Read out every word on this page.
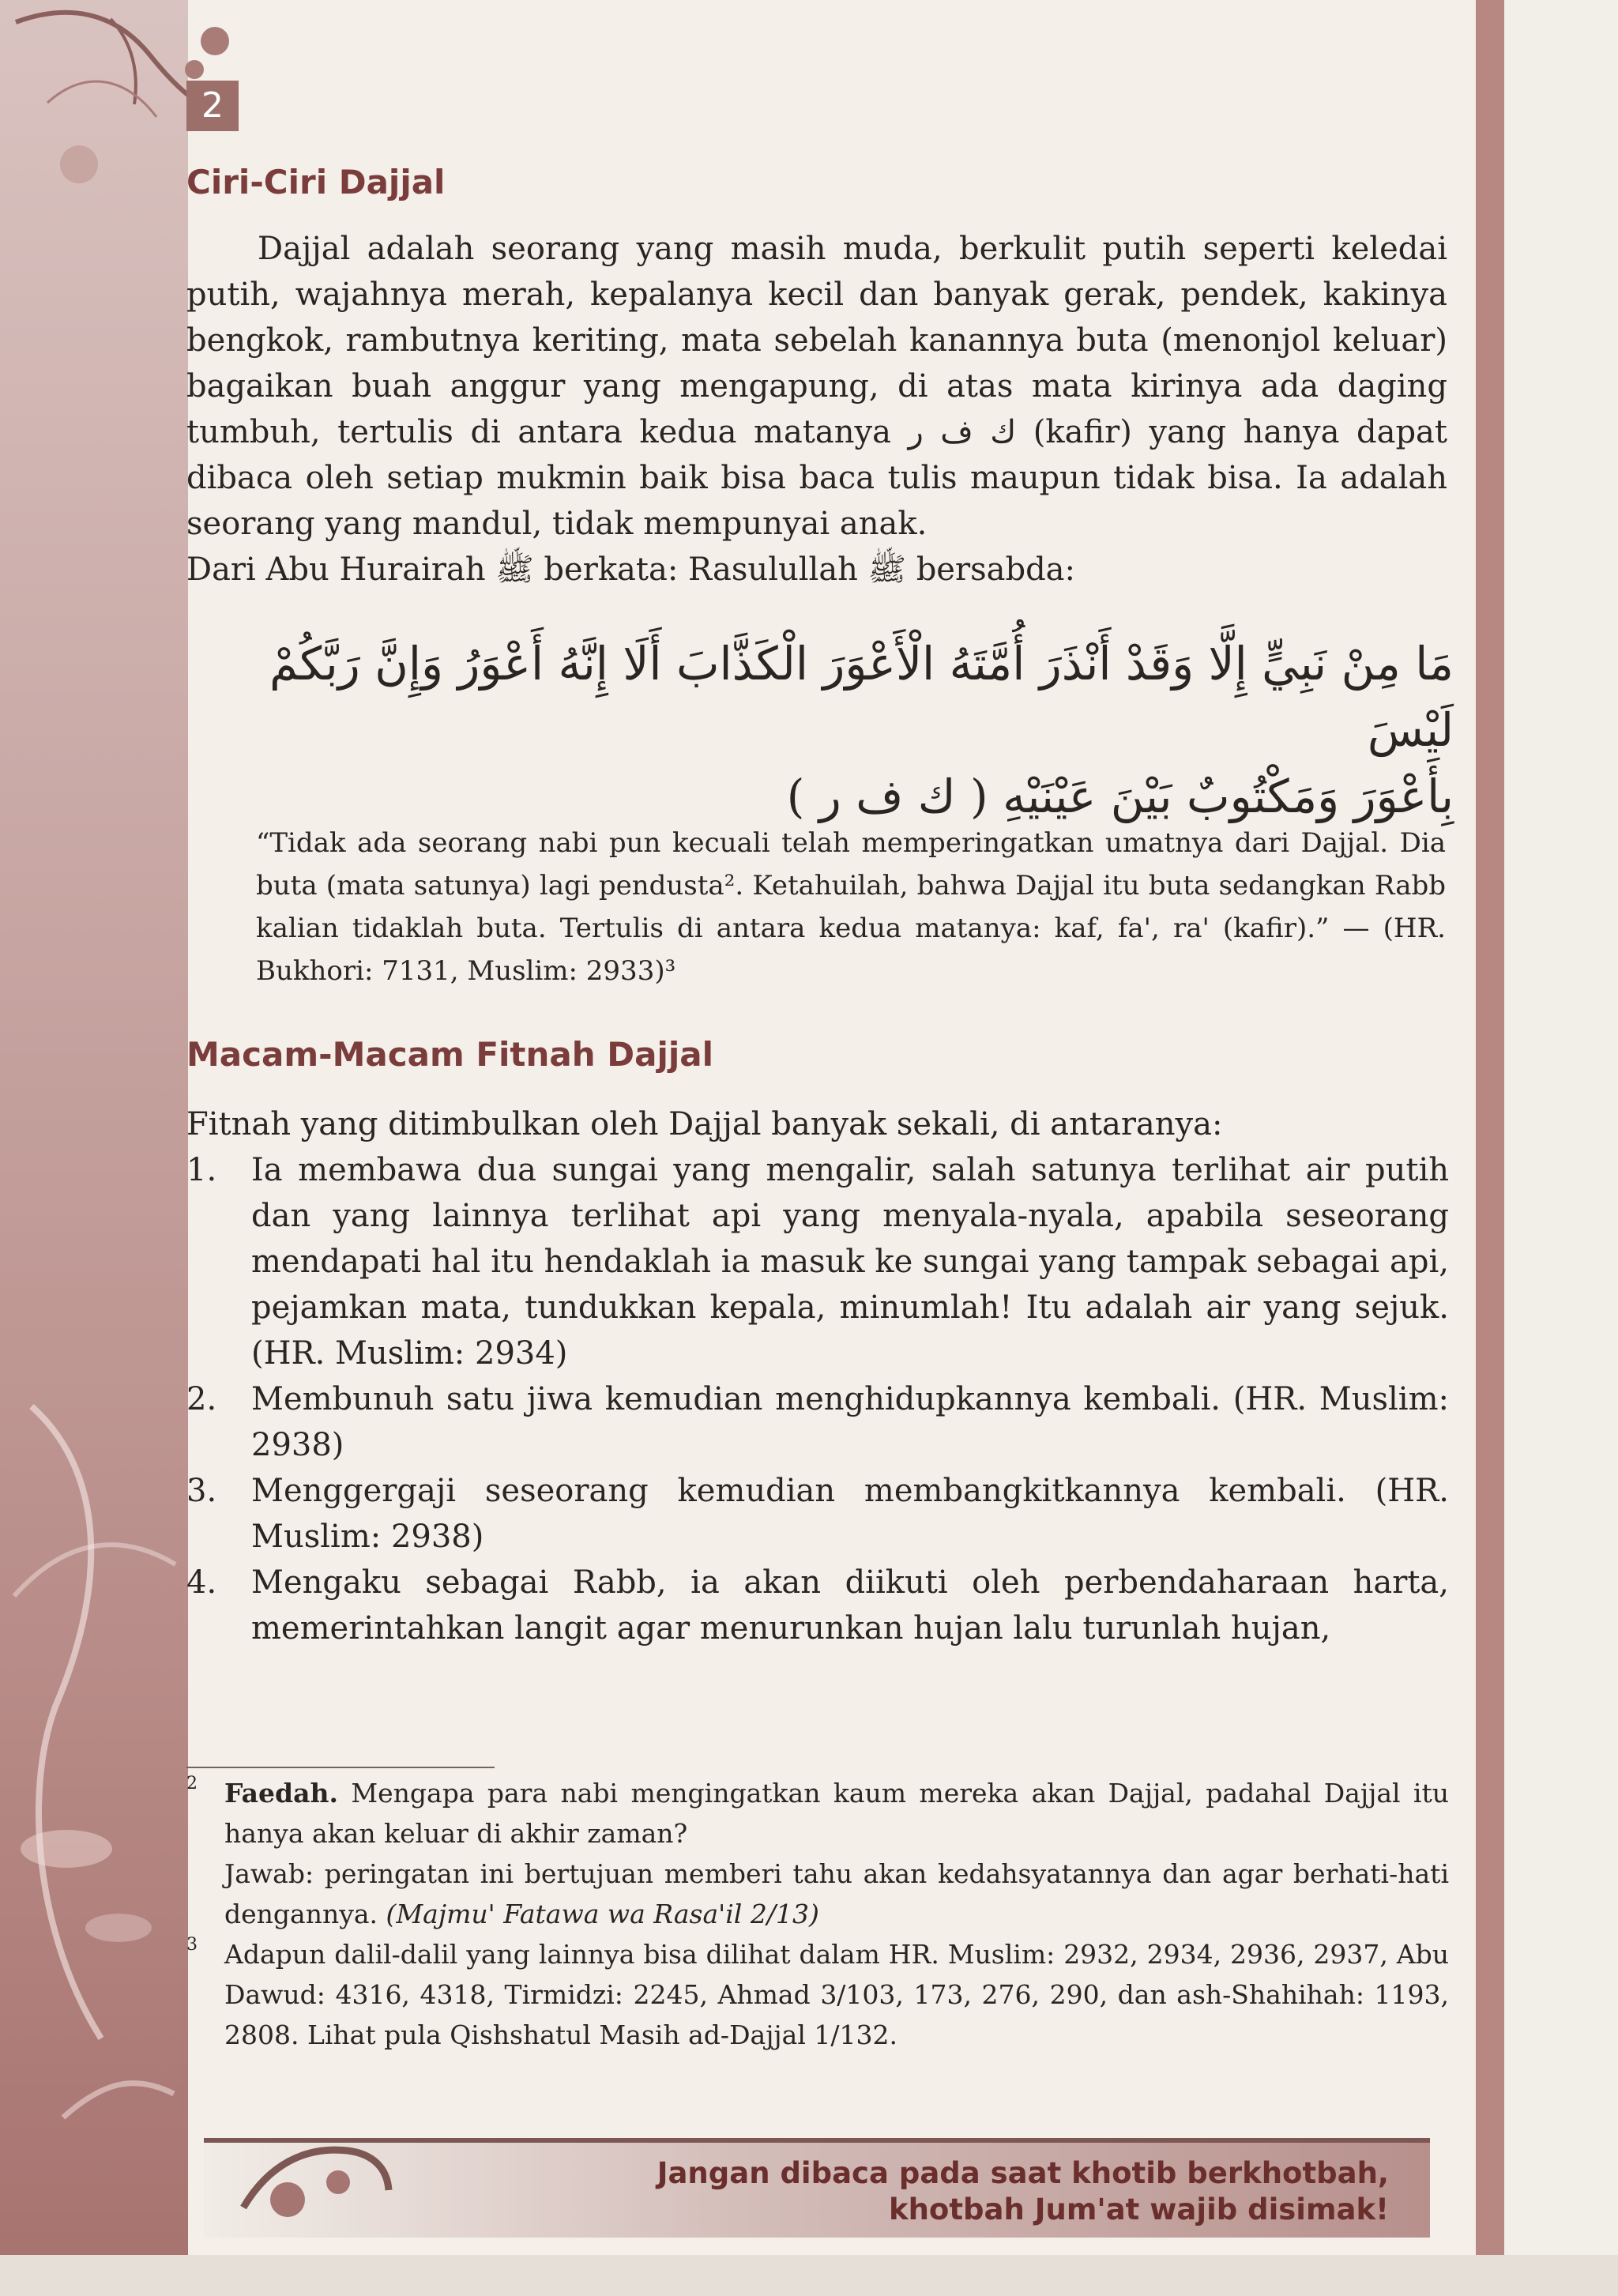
2
Ciri-Ciri Dajjal
Dajjal adalah seorang yang masih muda, berkulit putih seperti keledai putih, wajahnya merah, kepalanya kecil dan banyak gerak, pendek, kakinya bengkok, rambutnya keriting, mata sebelah kanannya buta (menonjol keluar) bagaikan buah anggur yang mengapung, di atas mata kirinya ada daging tumbuh, tertulis di antara kedua matanya ك ف ر (kafir) yang hanya dapat dibaca oleh setiap mukmin baik bisa baca tulis maupun tidak bisa. Ia adalah seorang yang mandul, tidak mempunyai anak.
Dari Abu Hurairah ﷺ berkata: Rasulullah ﷺ bersabda:
مَا مِنْ نَبِيٍّ إِلَّا وَقَدْ أَنْذَرَ أُمَّتَهُ الْأَعْوَرَ الْكَذَّابَ أَلَا إِنَّهُ أَعْوَرُ وَإِنَّ رَبَّكُمْ لَيْسَ
بِأَعْوَرَ وَمَكْتُوبٌ بَيْنَ عَيْنَيْهِ ( ك ف ر )
“Tidak ada seorang nabi pun kecuali telah memperingatkan umatnya dari Dajjal. Dia buta (mata satunya) lagi pendusta². Ketahuilah, bahwa Dajjal itu buta sedangkan Rabb kalian tidaklah buta. Tertulis di antara kedua matanya: kaf, fa', ra' (kafir).” — (HR. Bukhori: 7131, Muslim: 2933)³
Macam-Macam Fitnah Dajjal
Fitnah yang ditimbulkan oleh Dajjal banyak sekali, di antaranya:
1.	Ia membawa dua sungai yang mengalir, salah satunya terlihat air putih dan yang lainnya terlihat api yang menyala-nyala, apabila seseorang mendapati hal itu hendaklah ia masuk ke sungai yang tampak sebagai api, pejamkan mata, tundukkan kepala, minumlah! Itu adalah air yang sejuk. (HR. Muslim: 2934)
2.	Membunuh satu jiwa kemudian menghidupkannya kembali. (HR. Muslim: 2938)
3.	Menggergaji seseorang kemudian membangkitkannya kembali. (HR. Muslim: 2938)
4.	Mengaku sebagai Rabb, ia akan diikuti oleh perbendaharaan harta, memerintahkan langit agar menurunkan hujan lalu turunlah hujan,
2 Faedah. Mengapa para nabi mengingatkan kaum mereka akan Dajjal, padahal Dajjal itu hanya akan keluar di akhir zaman?
Jawab: peringatan ini bertujuan memberi tahu akan kedahsyatannya dan agar berhati-hati dengannya. (Majmu' Fatawa wa Rasa'il 2/13)
3 Adapun dalil-dalil yang lainnya bisa dilihat dalam HR. Muslim: 2932, 2934, 2936, 2937, Abu Dawud: 4316, 4318, Tirmidzi: 2245, Ahmad 3/103, 173, 276, 290, dan ash-Shahihah: 1193, 2808. Lihat pula Qishshatul Masih ad-Dajjal 1/132.
Jangan dibaca pada saat khotib berkhotbah,
khotbah Jum'at wajib disimak!
